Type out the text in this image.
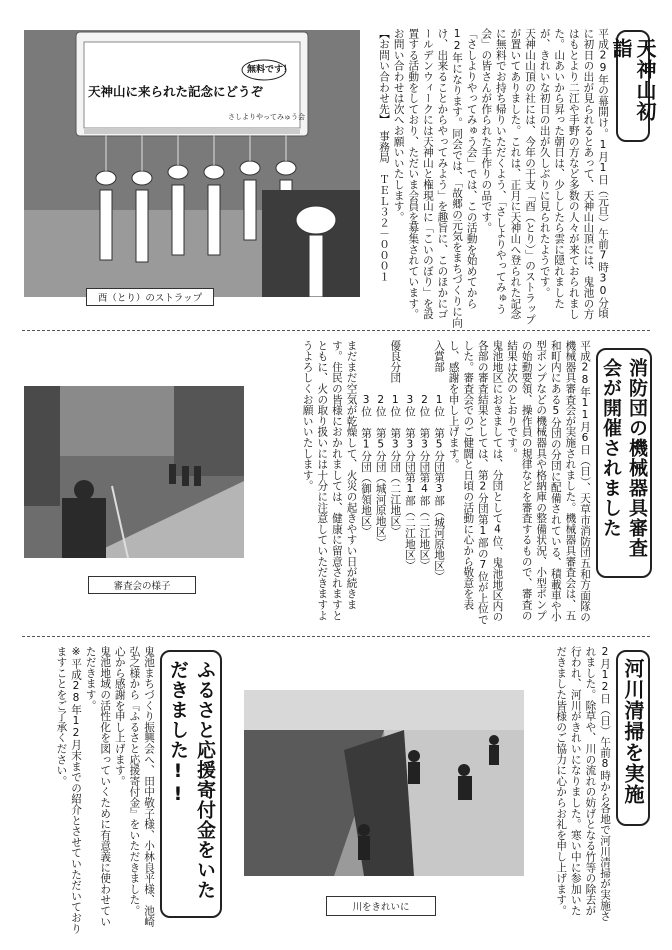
無料です！
天神山に来られた記念にどうぞ
さしよりやってみゅう会
酉（とり）のストラップ
天神山初詣
平成29年の幕開け。1月1日（元旦）午前7時30分頃に初日の出が見られるとあって、天神山山頂には、鬼池の方はもとより二江や手野の方など多数の人々が来ておられました。山あいから昇った朝日は、少ししたら雲に隠れましたが、きれいな初日の出が久しぶりに見られたようです。
天神山山頂の社には、今年の干支「酉（とり）」のストラップが置いてありました。これは、正月に天神山へ登られた記念に無料でお持ち帰りいただくよう、「さしよりやってみゅう会」の皆さんが作られた手作りの品です。
「さしよりやってみゅう会」では、この活動を始めてから12年になります。同会では、「故郷の元気をまちづくりに向け、出来ることからやってみよう」を趣旨に、このほかにゴールデンウィークには天神山と権現山に「こいのぼり」を設置する活動をしており、ただいま会員を募集されています。お問い合わせは次へお願いいたします。
【お問い合わせ先】　事務局　ＴＥＬ３２－０００１
審査会の様子
消防団の機械器具審査会が開催されました
平成28年11月6日（日）、天草市消防団五和方面隊の機械器具審査会が実施されました。機械器具審査会は、五和町内にある5分団の分団に配備されている、積載車や小型ポンプなどの機械器具や格納庫の整備状況、小型ポンプの始動要領、操作員の規律などを審査するもので、審査の結果は次のとおりです。
鬼池地区におきましては、分団として4位、鬼池地区内の各部の審査結果としては、第2分団第1部の7位が上位でした。審査会でのご健闘と日頃の活動に心から敬意を表し、感謝を申し上げます。
入賞部　　1位　第5分団第3部（城河原地区）
　　　　　2位　第3分団第4部（二江地区）
　　　　　3位　第3分団第1部（二江地区）
優良分団　1位　第3分団（二江地区）
　　　　　2位　第5分団（城河原地区）
　　　　　3位　第1分団（御領地区）
まだまだ空気が乾燥して、火災の起きやすい日が続きます。住民の皆様におかれましては、健康に留意されますとともに、火の取り扱いには十分に注意していただきますようよろしくお願いいたします。
河川清掃を実施
2月12日（日）午前8時から各地で河川清掃が実施されました。除草や、川の流れの妨げとなる竹等の除去が行われ、河川がきれいになりました。寒い中に参加いただきました皆様のご協力に心からお礼を申し上げます。
川をきれいに
ふるさと応援寄付金をいただきました!!
鬼池まちづくり振興会へ、田中敬子様、小林良平様、池崎弘之様から『ふるさと応援寄付金』をいただきました。
心から感謝を申し上げます。
鬼池地域の活性化を図っていくために有意義に使わせていただきます。
※平成28年12月末までの紹介とさせていただいておりますことをご了承ください。
